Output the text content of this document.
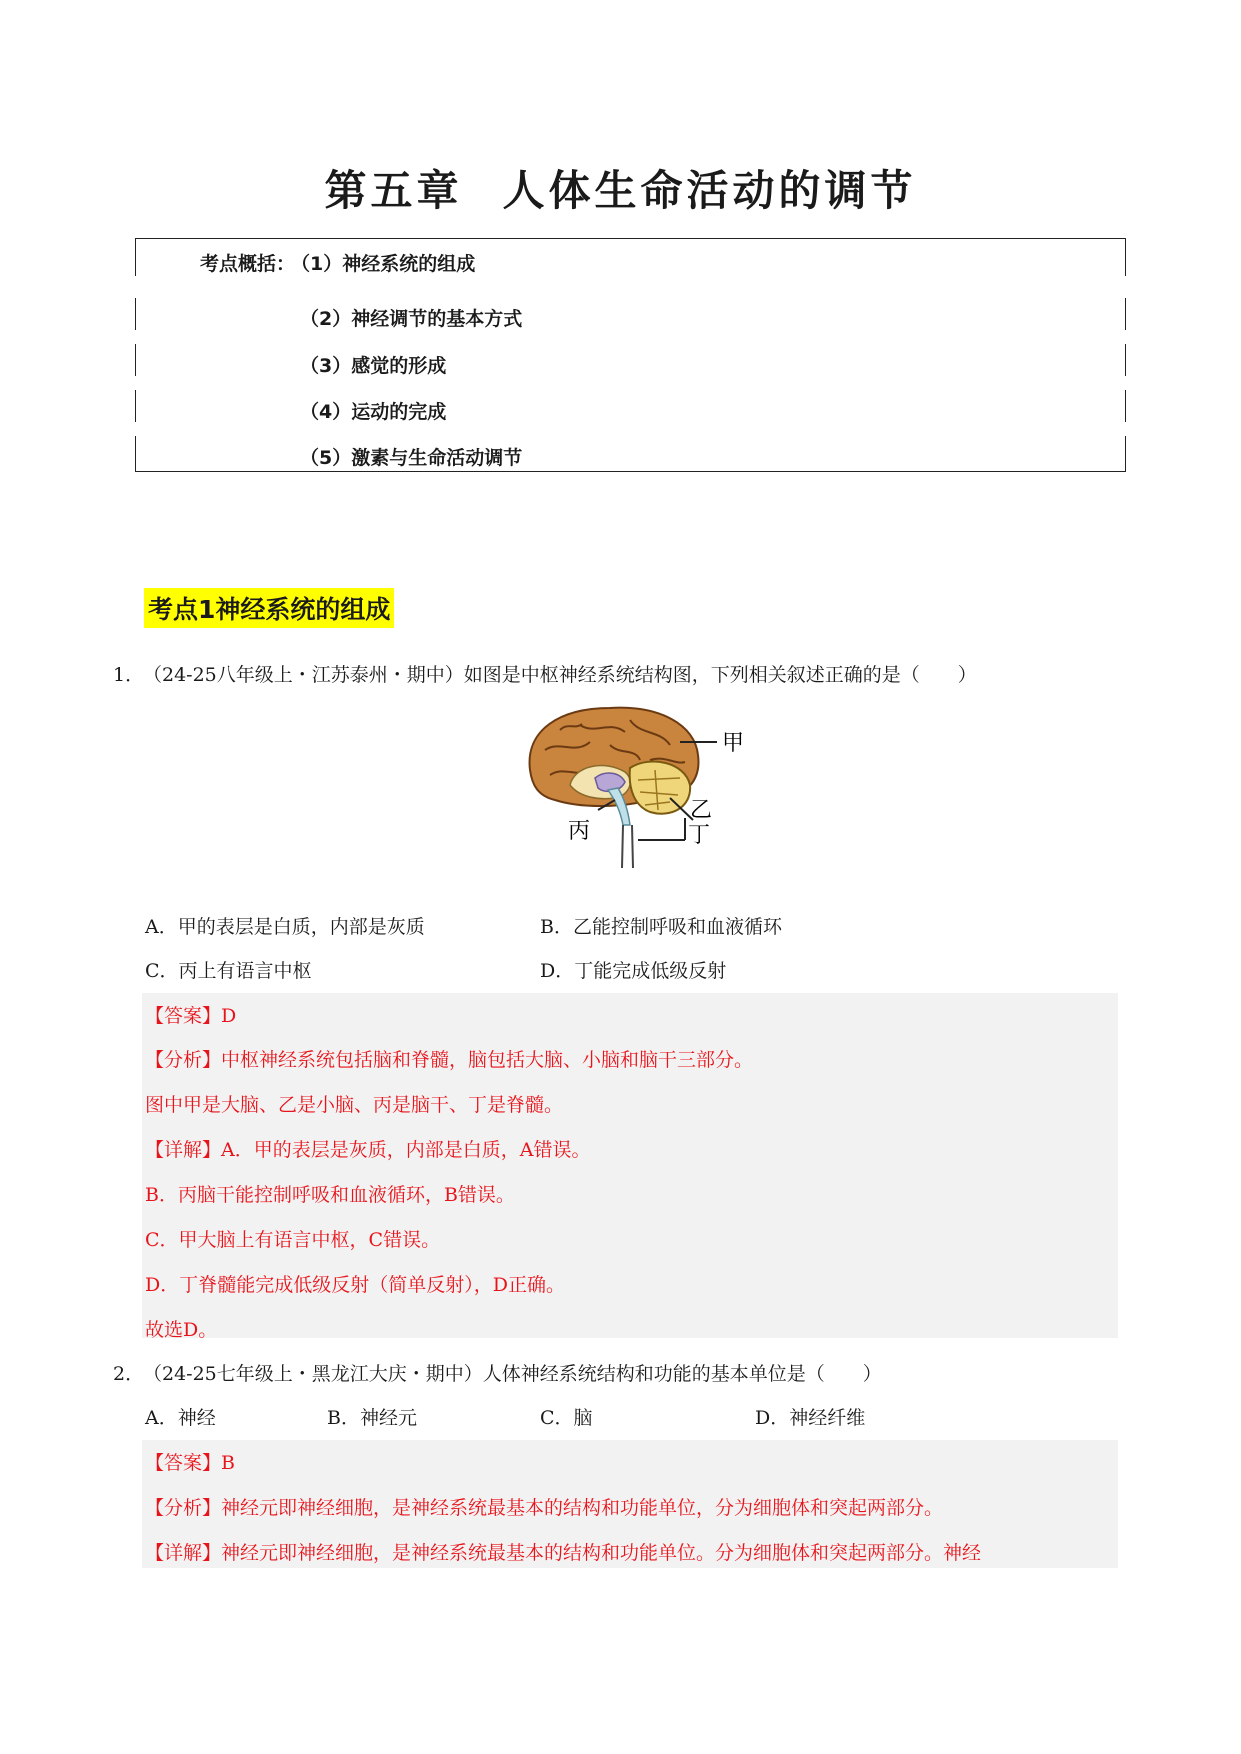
第五章 人体生命活动的调节
考点概括：
（1）神经系统的组成
（2）神经调节的基本方式
（3）感觉的形成
（4）运动的完成
（5）激素与生命活动调节
考点1神经系统的组成
1．
（24-25八年级上・江苏泰州・期中）如图是中枢神经系统结构图，下列相关叙述正确的是（　　）
甲
乙
丙	丁
A．甲的表层是白质，内部是灰质	B．乙能控制呼吸和血液循环
C．丙上有语言中枢	D．丁能完成低级反射
【答案】D
【分析】中枢神经系统包括脑和脊髓，脑包括大脑、小脑和脑干三部分。
图中甲是大脑、乙是小脑、丙是脑干、丁是脊髓。
【详解】A．甲的表层是灰质，内部是白质，A错误。
B．丙脑干能控制呼吸和血液循环，B错误。
C．甲大脑上有语言中枢，C错误。
D．丁脊髓能完成低级反射（简单反射），D正确。
故选D。
2．
（24-25七年级上・黑龙江大庆・期中）人体神经系统结构和功能的基本单位是（　　）
A．神经	B．神经元	C．脑	D．神经纤维
【答案】B
【分析】神经元即神经细胞，是神经系统最基本的结构和功能单位，分为细胞体和突起两部分。
【详解】神经元即神经细胞，是神经系统最基本的结构和功能单位。分为细胞体和突起两部分。神经
